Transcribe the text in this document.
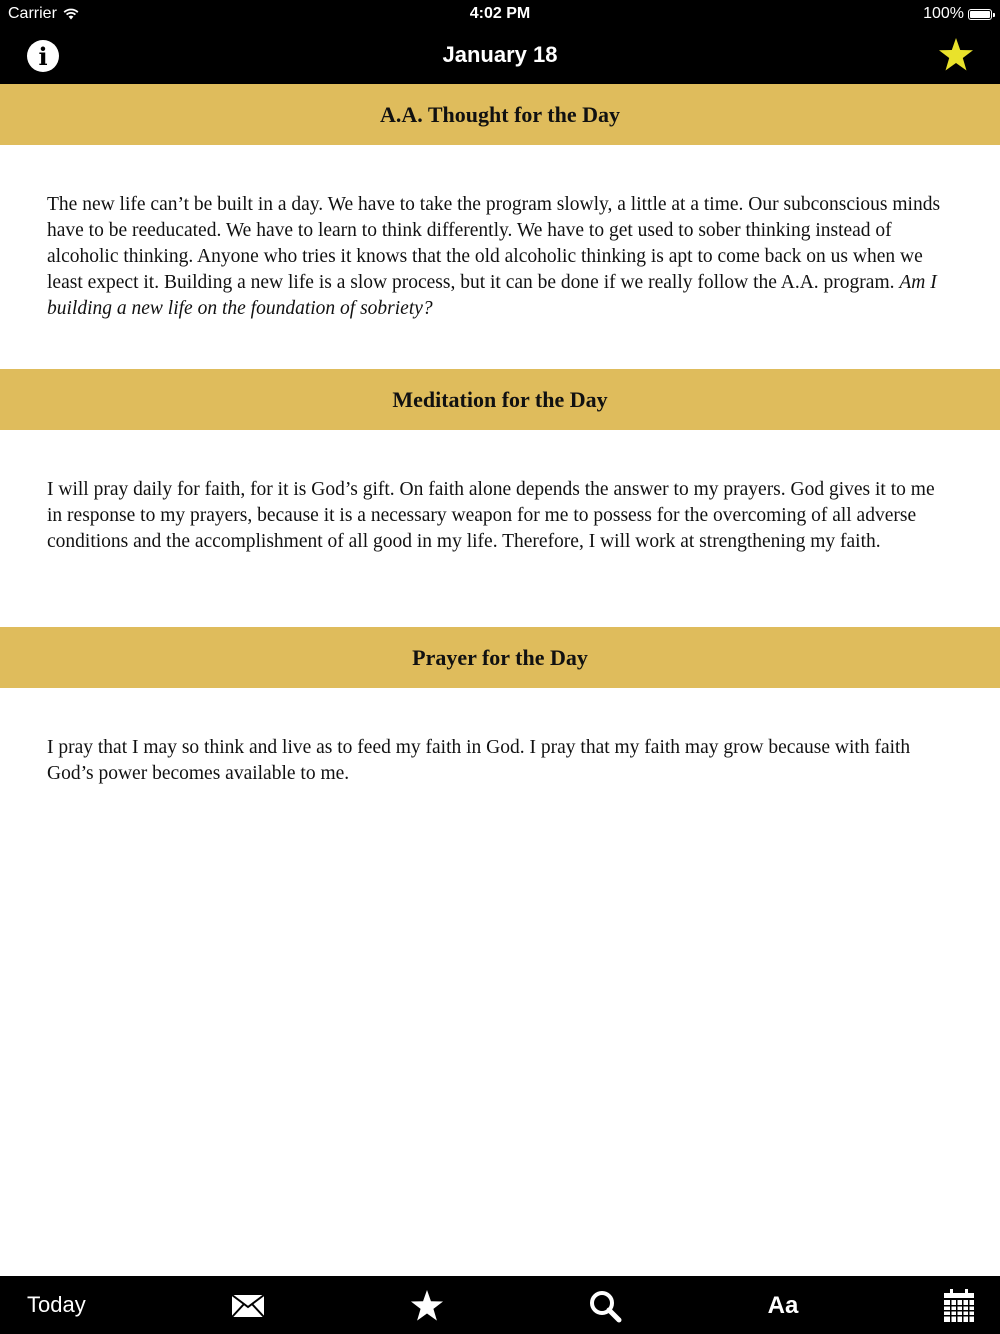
Carrier	4:02 PM	100%
i	January 18
A.A. Thought for the Day

The new life can’t be built in a day. We have to take the program slowly, a little at a time. Our subconscious minds have to be reeducated. We have to learn to think differently. We have to get used to sober thinking instead of alcoholic thinking. Anyone who tries it knows that the old alcoholic thinking is apt to come back on us when we least expect it. Building a new life is a slow process, but it can be done if we really follow the A.A. program. Am I building a new life on the foundation of sobriety?

Meditation for the Day

I will pray daily for faith, for it is God’s gift. On faith alone depends the answer to my prayers. God gives it to me in response to my prayers, because it is a necessary weapon for me to possess for the overcoming of all adverse conditions and the accomplishment of all good in my life. Therefore, I will work at strengthening my faith.

Prayer for the Day

I pray that I may so think and live as to feed my faith in God. I pray that my faith may grow because with faith God’s power becomes available to me.

Today	Aa
